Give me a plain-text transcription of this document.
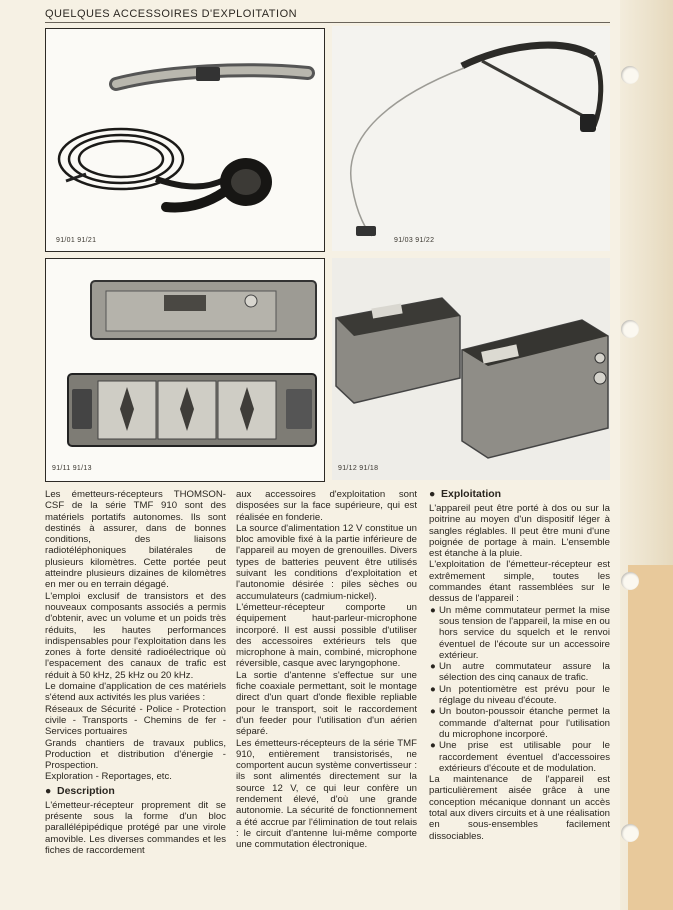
QUELQUES ACCESSOIRES D'EXPLOITATION
91/01 91/21	91/03 91/22
91/11 91/13	91/12 91/18

Les émetteurs-récepteurs THOMSON-CSF de la série TMF 910 sont des matériels portatifs autonomes. Ils sont destinés à assurer, dans de bonnes conditions, des liaisons radiotéléphoniques bilatérales de plusieurs kilomètres. Cette portée peut atteindre plusieurs dizaines de kilomètres en mer ou en terrain dégagé.

L'emploi exclusif de transistors et des nouveaux composants associés a permis d'obtenir, avec un volume et un poids très réduits, les hautes performances indispensables pour l'exploitation dans les zones à forte densité radioélectrique où l'espacement des canaux de trafic est réduit à 50 kHz, 25 kHz ou 20 kHz.

Le domaine d'application de ces matériels s'étend aux activités les plus variées :

Réseaux de Sécurité - Police - Protection civile - Transports - Chemins de fer - Services portuaires

Grands chantiers de travaux publics, Production et distribution d'énergie - Prospection.

Exploration - Reportages, etc.

● Description

L'émetteur-récepteur proprement dit se présente sous la forme d'un bloc parallélépipédique protégé par une virole amovible. Les diverses commandes et les fiches de raccordement

aux accessoires d'exploitation sont disposées sur la face supérieure, qui est réalisée en fonderie.

La source d'alimentation 12 V constitue un bloc amovible fixé à la partie inférieure de l'appareil au moyen de grenouilles. Divers types de batteries peuvent être utilisés suivant les conditions d'exploitation et l'autonomie désirée : piles sèches ou accumulateurs (cadmium-nickel).

L'émetteur-récepteur comporte un équipement haut-parleur-microphone incorporé. Il est aussi possible d'utiliser des accessoires extérieurs tels que microphone à main, combiné, microphone réversible, casque avec laryngophone.

La sortie d'antenne s'effectue sur une fiche coaxiale permettant, soit le montage direct d'un quart d'onde flexible repliable pour le transport, soit le raccordement d'un feeder pour l'utilisation d'un aérien séparé.

Les émetteurs-récepteurs de la série TMF 910, entièrement transistorisés, ne comportent aucun système convertisseur : ils sont alimentés directement sur la source 12 V, ce qui leur confère un rendement élevé, d'où une grande autonomie. La sécurité de fonctionnement a été accrue par l'élimination de tout relais : le circuit d'antenne lui-même comporte une commutation électronique.

● Exploitation

L'appareil peut être porté à dos ou sur la poitrine au moyen d'un dispositif léger à sangles réglables. Il peut être muni d'une poignée de portage à main. L'ensemble est étanche à la pluie.

L'exploitation de l'émetteur-récepteur est extrêmement simple, toutes les commandes étant rassemblées sur le dessus de l'appareil :

● Un même commutateur permet la mise sous tension de l'appareil, la mise en ou hors service du squelch et le renvoi éventuel de l'écoute sur un accessoire extérieur.
● Un autre commutateur assure la sélection des cinq canaux de trafic.
● Un potentiomètre est prévu pour le réglage du niveau d'écoute.
● Un bouton-poussoir étanche permet la commande d'alternat pour l'utilisation du microphone incorporé.
● Une prise est utilisable pour le raccordement éventuel d'accessoires extérieurs d'écoute et de modulation.

La maintenance de l'appareil est particulièrement aisée grâce à une conception mécanique donnant un accès total aux divers circuits et à une réalisation en sous-ensembles facilement dissociables.
